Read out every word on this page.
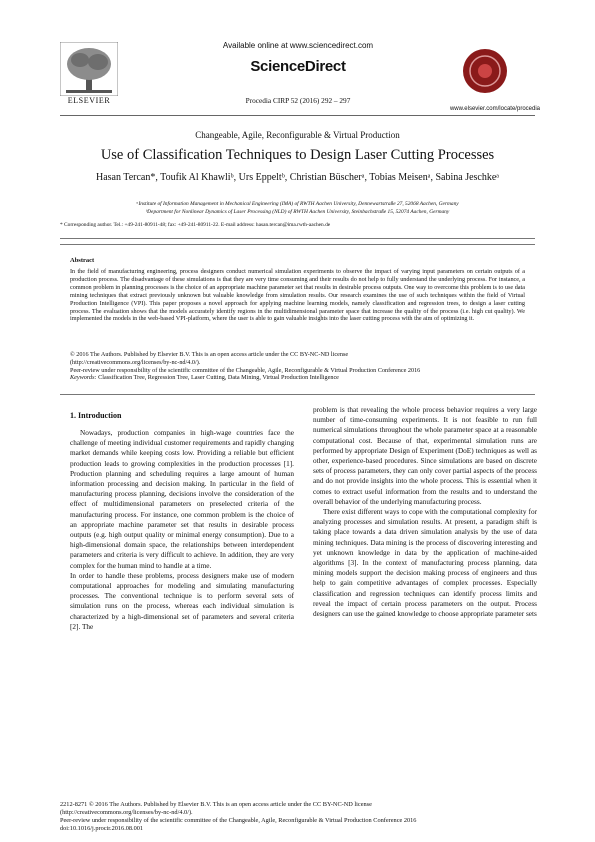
ELSEVIER
Available online at www.sciencedirect.com
ScienceDirect
Procedia CIRP 52 (2016) 292 – 297
www.elsevier.com/locate/procedia
Changeable, Agile, Reconfigurable & Virtual Production
Use of Classification Techniques to Design Laser Cutting Processes
Hasan Tercan*, Toufik Al Khawliᵇ, Urs Eppeltᵇ, Christian Büscherᵃ, Tobias Meisenᵃ, Sabina Jeschkeᵃ
ᵃInstitute of Information Management in Mechanical Engineering (IMA) of RWTH Aachen University, Dennewartstraße 27, 52068 Aachen, Germany
ᵇDepartment for Nonlinear Dynamics of Laser Processing (NLD) of RWTH Aachen University, Steinbachstraße 15, 52074 Aachen, Germany
* Corresponding author. Tel.: +49-241-80911-48; fax: +49-241-80911-22. E-mail address: hasan.tercan@ima.rwth-aachen.de
Abstract
In the field of manufacturing engineering, process designers conduct numerical simulation experiments to observe the impact of varying input parameters on certain outputs of a production process. The disadvantage of these simulations is that they are very time consuming and their results do not help to fully understand the underlying process. For instance, a common problem in planning processes is the choice of an appropriate machine parameter set that results in desirable process outputs. One way to overcome this problem is to use data mining techniques that extract previously unknown but valuable knowledge from simulation results. Our research examines the use of such techniques within the field of Virtual Production Intelligence (VPI). This paper proposes a novel approach for applying machine learning models, namely classification and regression trees, to design a laser cutting process. The evaluation shows that the models accurately identify regions in the multidimensional parameter space that increase the quality of the process (i.e. high cut quality). We implemented the models in the web-based VPI-platform, where the user is able to gain valuable insights into the laser cutting process with the aim of optimizing it.
© 2016 The Authors. Published by Elsevier B.V. This is an open access article under the CC BY-NC-ND license
(http://creativecommons.org/licenses/by-nc-nd/4.0/).
Peer-review under responsibility of the scientific committee of the Changeable, Agile, Reconfigurable & Virtual Production Conference 2016
Keywords: Classification Tree, Regression Tree, Laser Cutting, Data Mining, Virtual Production Intelligence
1. Introduction

Nowadays, production companies in high-wage countries face the challenge of meeting individual customer requirements and rapidly changing market demands while keeping costs low. Providing a reliable but efficient production leads to growing complexities in the production processes [1]. Production planning and scheduling requires a large amount of human information processing and decision making. In particular in the field of manufacturing process planning, decisions involve the consideration of the effect of multidimensional parameters on preselected criteria of the manufacturing process. For instance, one common problem is the choice of an appropriate machine parameter set that results in desirable process outputs (e.g. high output quality or minimal energy consumption). Due to a high-dimensional domain space, the relationships between interdependent parameters and criteria is very difficult to achieve. In addition, they are very complex for the human mind to handle at a time.

In order to handle these problems, process designers make use of modern computational approaches for modeling and simulating manufacturing processes. The conventional technique is to perform several sets of simulation runs on the process, whereas each individual simulation is characterized by a high-dimensional set of parameters and several criteria [2]. The

problem is that revealing the whole process behavior requires a very large number of time-consuming experiments. It is not feasible to run full numerical simulations throughout the whole parameter space at a reasonable computational cost. Because of that, experimental simulation runs are performed by appropriate Design of Experiment (DoE) techniques as well as other, experience-based procedures. Since simulations are based on discrete sets of process parameters, they can only cover partial aspects of the process and do not provide insights into the whole process. This is essential when it comes to extract useful information from the results and to understand the overall behavior of the underlying manufacturing process.

There exist different ways to cope with the computational complexity for analyzing processes and simulation results. At present, a paradigm shift is taking place towards a data driven simulation analysis by the use of data mining techniques. Data mining is the process of discovering interesting and yet unknown knowledge in data by the application of machine-aided algorithms [3]. In the context of manufacturing process planning, data mining models support the decision making process of engineers and thus help to gain competitive advantages of complex processes. Especially classification and regression techniques can identify process limits and reveal the impact of certain process parameters on the output. Process designers can use the gained knowledge to choose appropriate parameter sets

2212-8271 © 2016 The Authors. Published by Elsevier B.V. This is an open access article under the CC BY-NC-ND license
(http://creativecommons.org/licenses/by-nc-nd/4.0/).
Peer-review under responsibility of the scientific committee of the Changeable, Agile, Reconfigurable & Virtual Production Conference 2016
doi:10.1016/j.procir.2016.08.001
